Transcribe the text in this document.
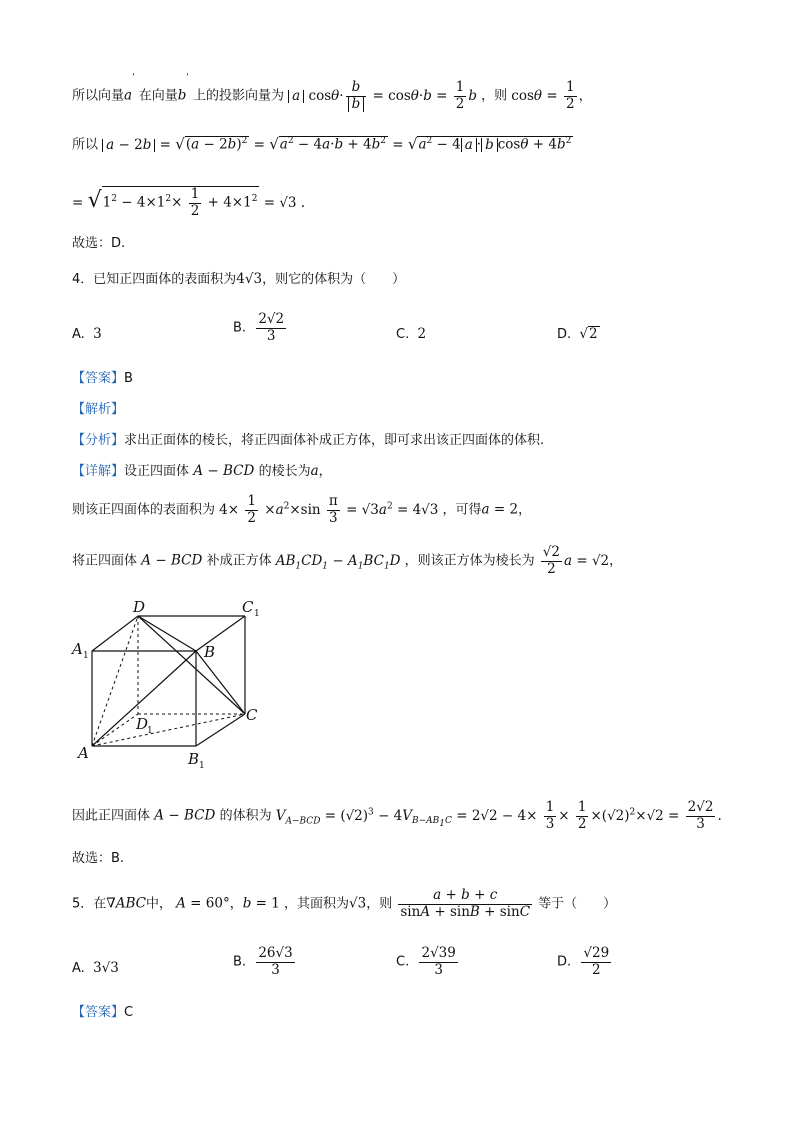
所以向量a' 在向量b' 上的投影向量为 a $\cos\theta\cdot \frac{b}{b} = \cos\theta\cdot b = \frac{1}{2}$ b ，则 $\cos\theta = \frac{1}{2}$ ，
所以 $a - 2b = √(a - 2b)^2 = √a^2 - 4a\cdot b + 4b^2 = √a^2 - 4$ a · b $\cos\theta + 4b^2$
= $√1^2 - 4\times 1^2\times \frac{1}{2} + 4\times 1^2 = √3$ .
故选：D.
4．已知正四面体的表面积为4√3，则它的体积为（　　）
A. 3	B. $\frac{2√2}{3}$	C. 2	D. √2
【答案】B
【解析】
【分析】求出正面体的棱长，将正四面体补成正方体，即可求出该正四面体的体积.
【详解】设正四面体 A − BCD 的棱长为a，
则该正四面体的表面积为 $4\times \frac{1}{2} \times a^2\times\sin \frac{\pi}{3} = √3a^2 = 4√3$ ，可得a = 2，
将正四面体 A − BCD 补成正方体 $AB_1CD_1 - A_1BC_1D$ ，则该正方体为棱长为 $\frac{√2}{2}$ a = √2，
D	C 1
A 1	B
D
1
C
A	B 1
因此正四面体 A − BCD 的体积为 $V_{A-BCD} = (√2)^3 - 4V_{B-AB_1C} = 2√2 - 4\times \frac{1}{3} \times \frac{1}{2} \times(√2)^2\times√2 = \frac{2√2}{3}$ .
故选：B.
5．在∇ABC中， A = 60°，b = 1 ，其面积为√3，则 $\frac{a + b + c}{\sin A + \sin B + \sin C}$ 等于（　　）
A. 3√3	B. $\frac{26√3}{3}$	C. $\frac{2√39}{3}$	D. $\frac{√29}{2}$
【答案】C
